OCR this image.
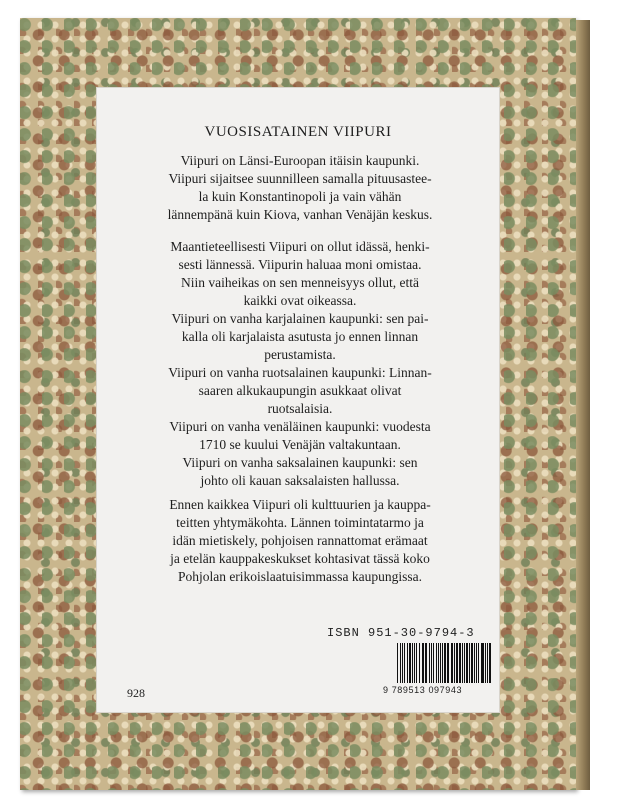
VUOSISATAINEN VIIPURI

Viipuri on Länsi-Euroopan itäisin kaupunki.

Viipuri sijaitsee suunnilleen samalla pituusastee-

la kuin Konstantinopoli ja vain vähän

lännempänä kuin Kiova, vanhan Venäjän keskus.

Maantieteellisesti Viipuri on ollut idässä, henki-

sesti lännessä. Viipurin haluaa moni omistaa.

Niin vaiheikas on sen menneisyys ollut, että

kaikki ovat oikeassa.

Viipuri on vanha karjalainen kaupunki: sen pai-

kalla oli karjalaista asutusta jo ennen linnan

perustamista.

Viipuri on vanha ruotsalainen kaupunki: Linnan-

saaren alkukaupungin asukkaat olivat

ruotsalaisia.

Viipuri on vanha venäläinen kaupunki: vuodesta

1710 se kuului Venäjän valtakuntaan.

Viipuri on vanha saksalainen kaupunki: sen

johto oli kauan saksalaisten hallussa.

Ennen kaikkea Viipuri oli kulttuurien ja kauppa-

teitten yhtymäkohta. Lännen toimintatarmo ja

idän mietiskely, pohjoisen rannattomat erämaat

ja etelän kauppakeskukset kohtasivat tässä koko

Pohjolan erikoislaatuisimmassa kaupungissa.

ISBN 951-30-9794-3
9 789513 097943
928
